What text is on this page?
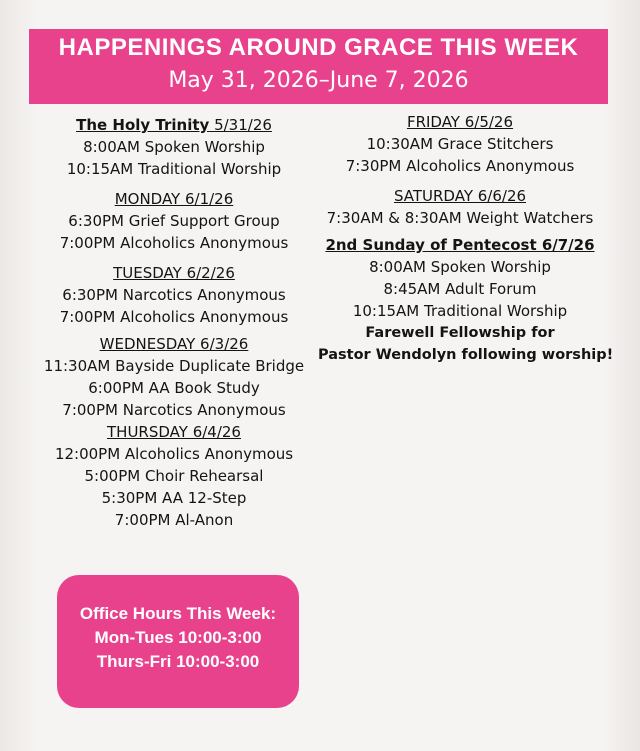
HAPPENINGS AROUND GRACE THIS WEEK
May 31, 2026–June 7, 2026
The Holy Trinity 5/31/26
8:00AM Spoken Worship
10:15AM Traditional Worship
MONDAY 6/1/26
6:30PM Grief Support Group
7:00PM Alcoholics Anonymous
TUESDAY 6/2/26
6:30PM Narcotics Anonymous
7:00PM Alcoholics Anonymous
WEDNESDAY 6/3/26
11:30AM Bayside Duplicate Bridge
6:00PM AA Book Study
7:00PM Narcotics Anonymous
THURSDAY 6/4/26
12:00PM Alcoholics Anonymous
5:00PM Choir Rehearsal
5:30PM AA 12-Step
7:00PM Al-Anon
FRIDAY 6/5/26
10:30AM Grace Stitchers
7:30PM Alcoholics Anonymous
SATURDAY 6/6/26
7:30AM & 8:30AM Weight Watchers
2nd Sunday of Pentecost 6/7/26
8:00AM Spoken Worship
8:45AM Adult Forum
10:15AM Traditional Worship
Farewell Fellowship for
Pastor Wendolyn following worship!
Office Hours This Week:
Mon-Tues 10:00-3:00
Thurs-Fri 10:00-3:00
